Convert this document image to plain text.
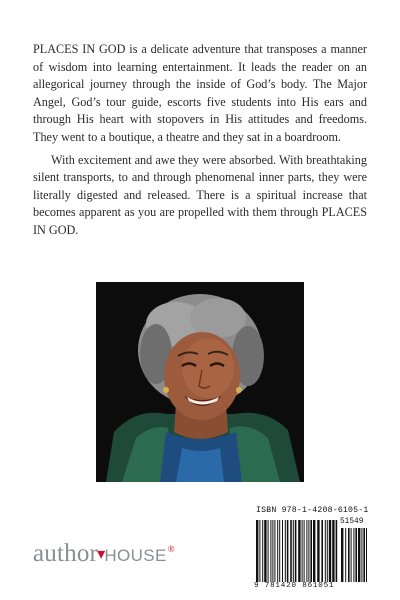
PLACES IN GOD is a delicate adventure that transposes a manner of wisdom into learning entertainment. It leads the reader on an allegorical journey through the inside of God’s body. The Major Angel, God’s tour guide, escorts five students into His ears and through His heart with stopovers in His attitudes and freedoms. They went to a boutique, a theatre and they sat in a boardroom.

With excitement and awe they were absorbed. With breathtaking silent transports, to and through phenomenal inner parts, they were literally digested and released. There is a spiritual increase that becomes apparent as you are propelled with them through PLACES IN GOD.

ISBN 978-1-4208-6105-1
51549
9 781420 861051
author▾HOUSE®
